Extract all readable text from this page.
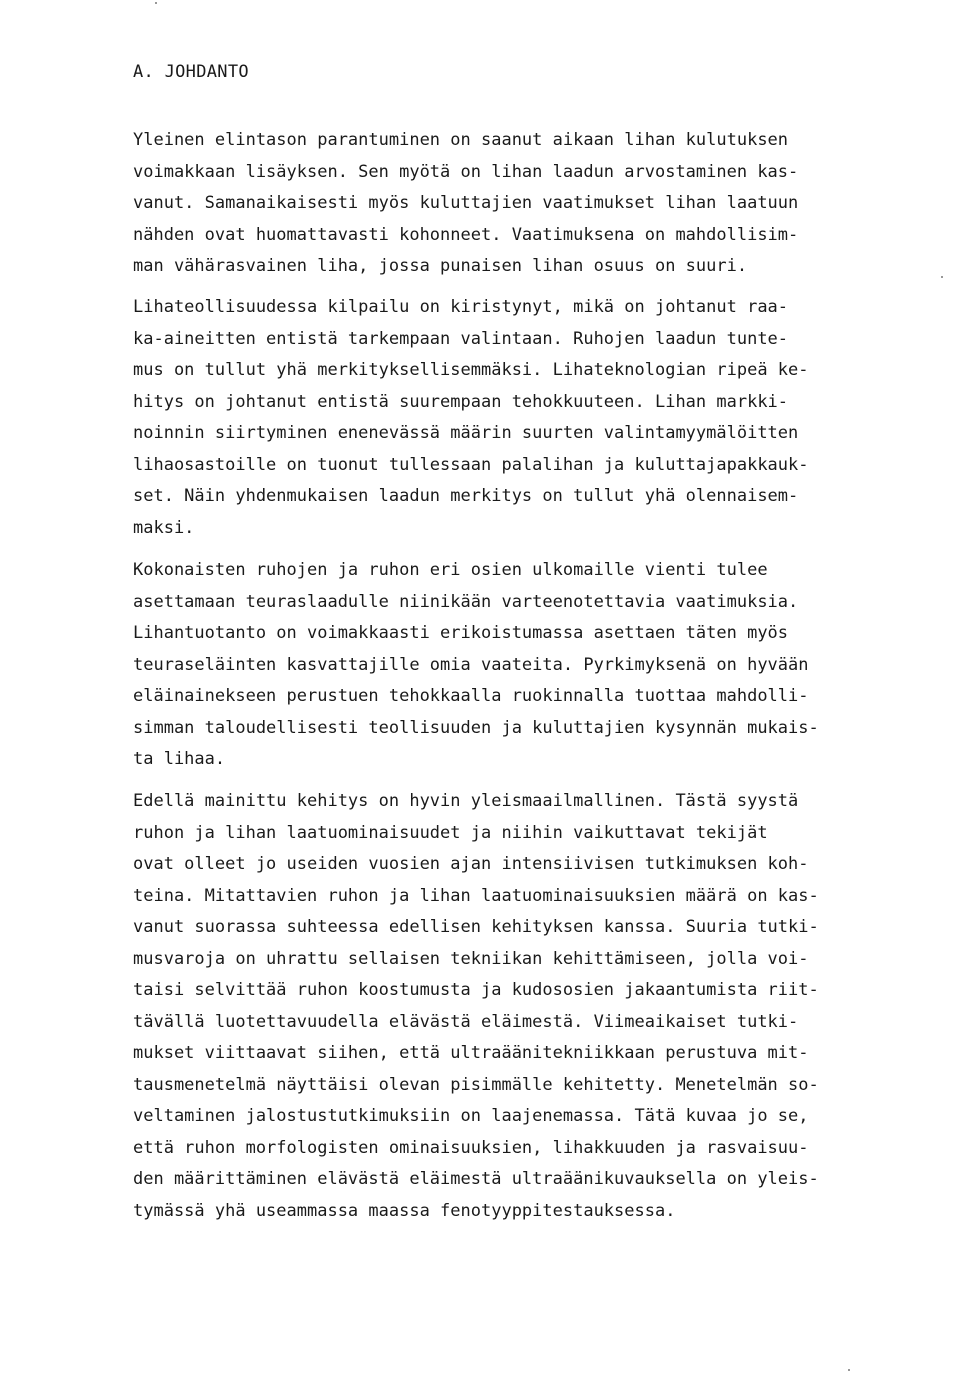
A. JOHDANTO
Yleinen elintason parantuminen on saanut aikaan lihan kulutuksen
voimakkaan lisäyksen. Sen myötä on lihan laadun arvostaminen kas-
vanut. Samanaikaisesti myös kuluttajien vaatimukset lihan laatuun
nähden ovat huomattavasti kohonneet. Vaatimuksena on mahdollisim-
man vähärasvainen liha, jossa punaisen lihan osuus on suuri.
Lihateollisuudessa kilpailu on kiristynyt, mikä on johtanut raa-
ka-aineitten entistä tarkempaan valintaan. Ruhojen laadun tunte-
mus on tullut yhä merkityksellisemmäksi. Lihateknologian ripeä ke-
hitys on johtanut entistä suurempaan tehokkuuteen. Lihan markki-
noinnin siirtyminen enenevässä määrin suurten valintamyymälöitten
lihaosastoille on tuonut tullessaan palalihan ja kuluttajapakkauk-
set. Näin yhdenmukaisen laadun merkitys on tullut yhä olennaisem-
maksi.
Kokonaisten ruhojen ja ruhon eri osien ulkomaille vienti tulee
asettamaan teuraslaadulle niinikään varteenotettavia vaatimuksia.
Lihantuotanto on voimakkaasti erikoistumassa asettaen täten myös
teuraseläinten kasvattajille omia vaateita. Pyrkimyksenä on hyvään
eläinainekseen perustuen tehokkaalla ruokinnalla tuottaa mahdolli-
simman taloudellisesti teollisuuden ja kuluttajien kysynnän mukais-
ta lihaa.
Edellä mainittu kehitys on hyvin yleismaailmallinen. Tästä syystä
ruhon ja lihan laatuominaisuudet ja niihin vaikuttavat tekijät
ovat olleet jo useiden vuosien ajan intensiivisen tutkimuksen koh-
teina. Mitattavien ruhon ja lihan laatuominaisuuksien määrä on kas-
vanut suorassa suhteessa edellisen kehityksen kanssa. Suuria tutki-
musvaroja on uhrattu sellaisen tekniikan kehittämiseen, jolla voi-
taisi selvittää ruhon koostumusta ja kudososien jakaantumista riit-
tävällä luotettavuudella elävästä eläimestä. Viimeaikaiset tutki-
mukset viittaavat siihen, että ultraäänitekniikkaan perustuva mit-
tausmenetelmä näyttäisi olevan pisimmälle kehitetty. Menetelmän so-
veltaminen jalostustutkimuksiin on laajenemassa. Tätä kuvaa jo se,
että ruhon morfologisten ominaisuuksien, lihakkuuden ja rasvaisuu-
den määrittäminen elävästä eläimestä ultraäänikuvauksella on yleis-
tymässä yhä useammassa maassa fenotyyppitestauksessa.
